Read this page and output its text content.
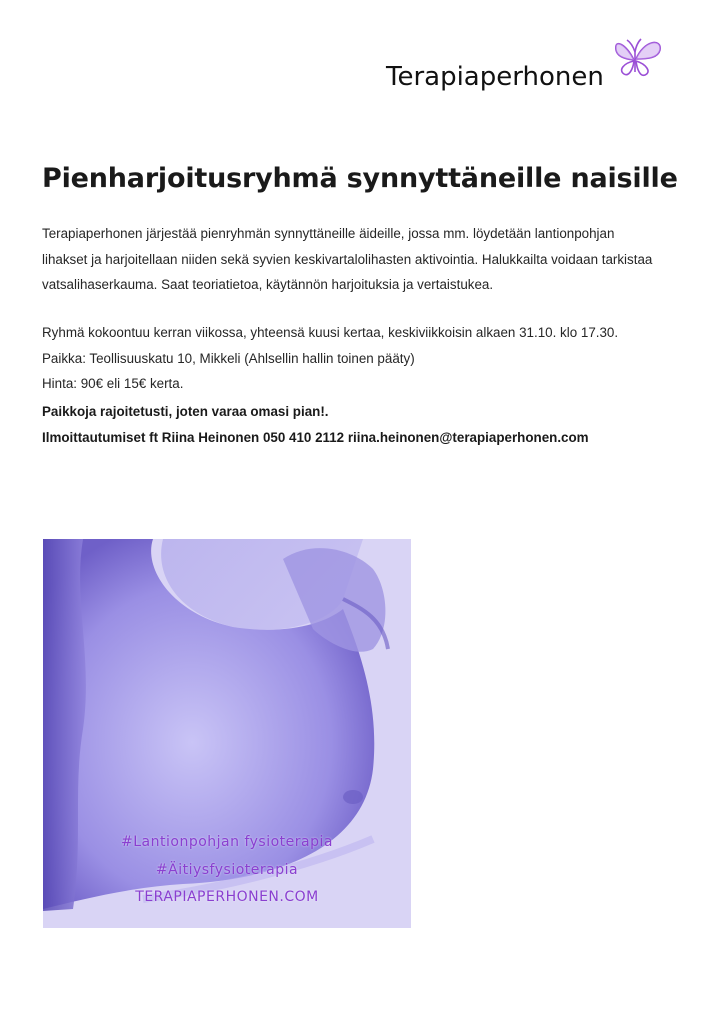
Terapiaperhonen
Pienharjoitusryhmä synnyttäneille naisille

Terapiaperhonen järjestää pienryhmän synnyttäneille äideille, jossa mm. löydetään lantionpohjan
lihakset ja harjoitellaan niiden sekä syvien keskivartalolihasten aktivointia. Halukkailta voidaan tarkistaa
vatsalihaserkauma. Saat teoriatietoa, käytännön harjoituksia ja vertaistukea.

Ryhmä kokoontuu kerran viikossa, yhteensä kuusi kertaa, keskiviikkoisin alkaen 31.10. klo 17.30.
Paikka: Teollisuuskatu 10, Mikkeli (Ahlsellin hallin toinen pääty)
Hinta: 90€ eli 15€ kerta.

Paikkoja rajoitetusti, joten varaa omasi pian!.
Ilmoittautumiset ft Riina Heinonen 050 410 2112 riina.heinonen@terapiaperhonen.com

#Lantionpohjan fysioterapia
#Äitiysfysioterapia
TERAPIAPERHONEN.COM
